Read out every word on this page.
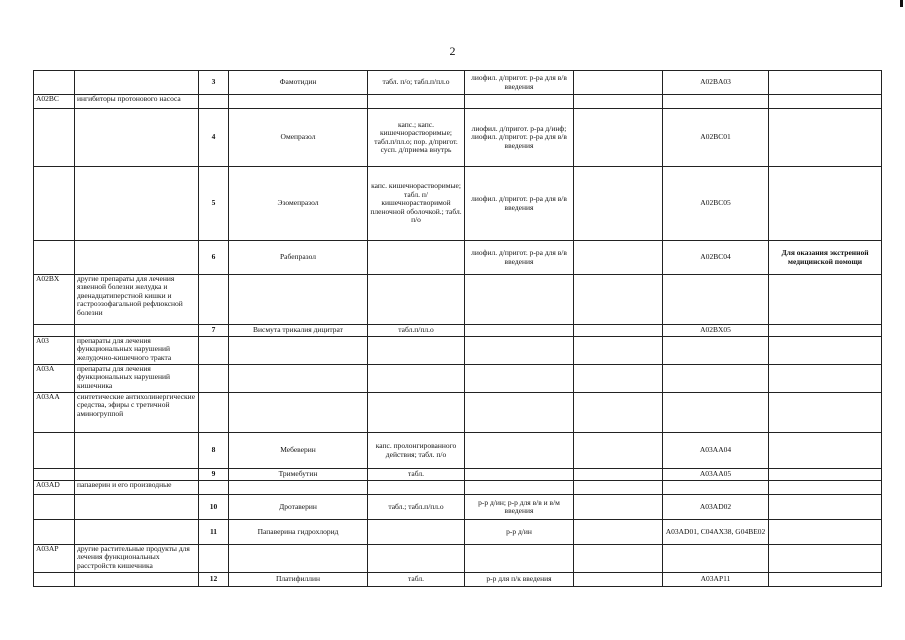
2
		3	Фамотидин	табл. п/о; табл.п/пл.о	лиофил. д/пригот. р-ра для в/в введения		A02BA03	
A02BC	ингибиторы протонового насоса							
		4	Омепразол	капс.; капс. кишечнорастворимые; табл.п/пл.о; пор. д/пригот. сусп. д/приема внутрь	лиофил. д/пригот. р-ра д/инф; лиофил. д/пригот. р-ра для в/в введения		A02BC01	
		5	Эзомепразол	капс. кишечнорастворимые; табл. п/кишечнорастворимой пленочной оболочкой.; табл. п/о	лиофил. д/пригот. р-ра для в/в введения		A02BC05	
		6	Рабепразол		лиофил. д/пригот. р-ра для в/в введения		A02BC04	Для оказания экстренной медицинской помощи
A02BX	другие препараты для лечения язвенной болезни желудка и двенадцатиперстной кишки и гастроэзофагальной рефлюксной болезни							
		7	Висмута трикалия дицитрат	табл.п/пл.о			A02BX05	
A03	препараты для лечения функциональных нарушений желудочно-кишечного тракта							
A03A	препараты для лечения функциональных нарушений кишечника							
A03AA	синтетические антихолинергические средства, эфиры с третичной аминогруппой							
		8	Мебеверин	капс. пролонгированного действия; табл. п/о			A03AA04	
		9	Тримебутин	табл.			A03AA05	
A03AD	папаверин и его производные							
		10	Дротаверин	табл.; табл.п/пл.о	р-р д/ин; р-р для в/в и в/м введения		A03AD02	
		11	Папаверина гидрохлорид		р-р д/ин		A03AD01, C04AX38, G04BE02	
A03AP	другие растительные продукты для лечения функциональных расстройств кишечника							
		12	Платифиллин	табл.	р-р для п/к введения		A03AP11	
